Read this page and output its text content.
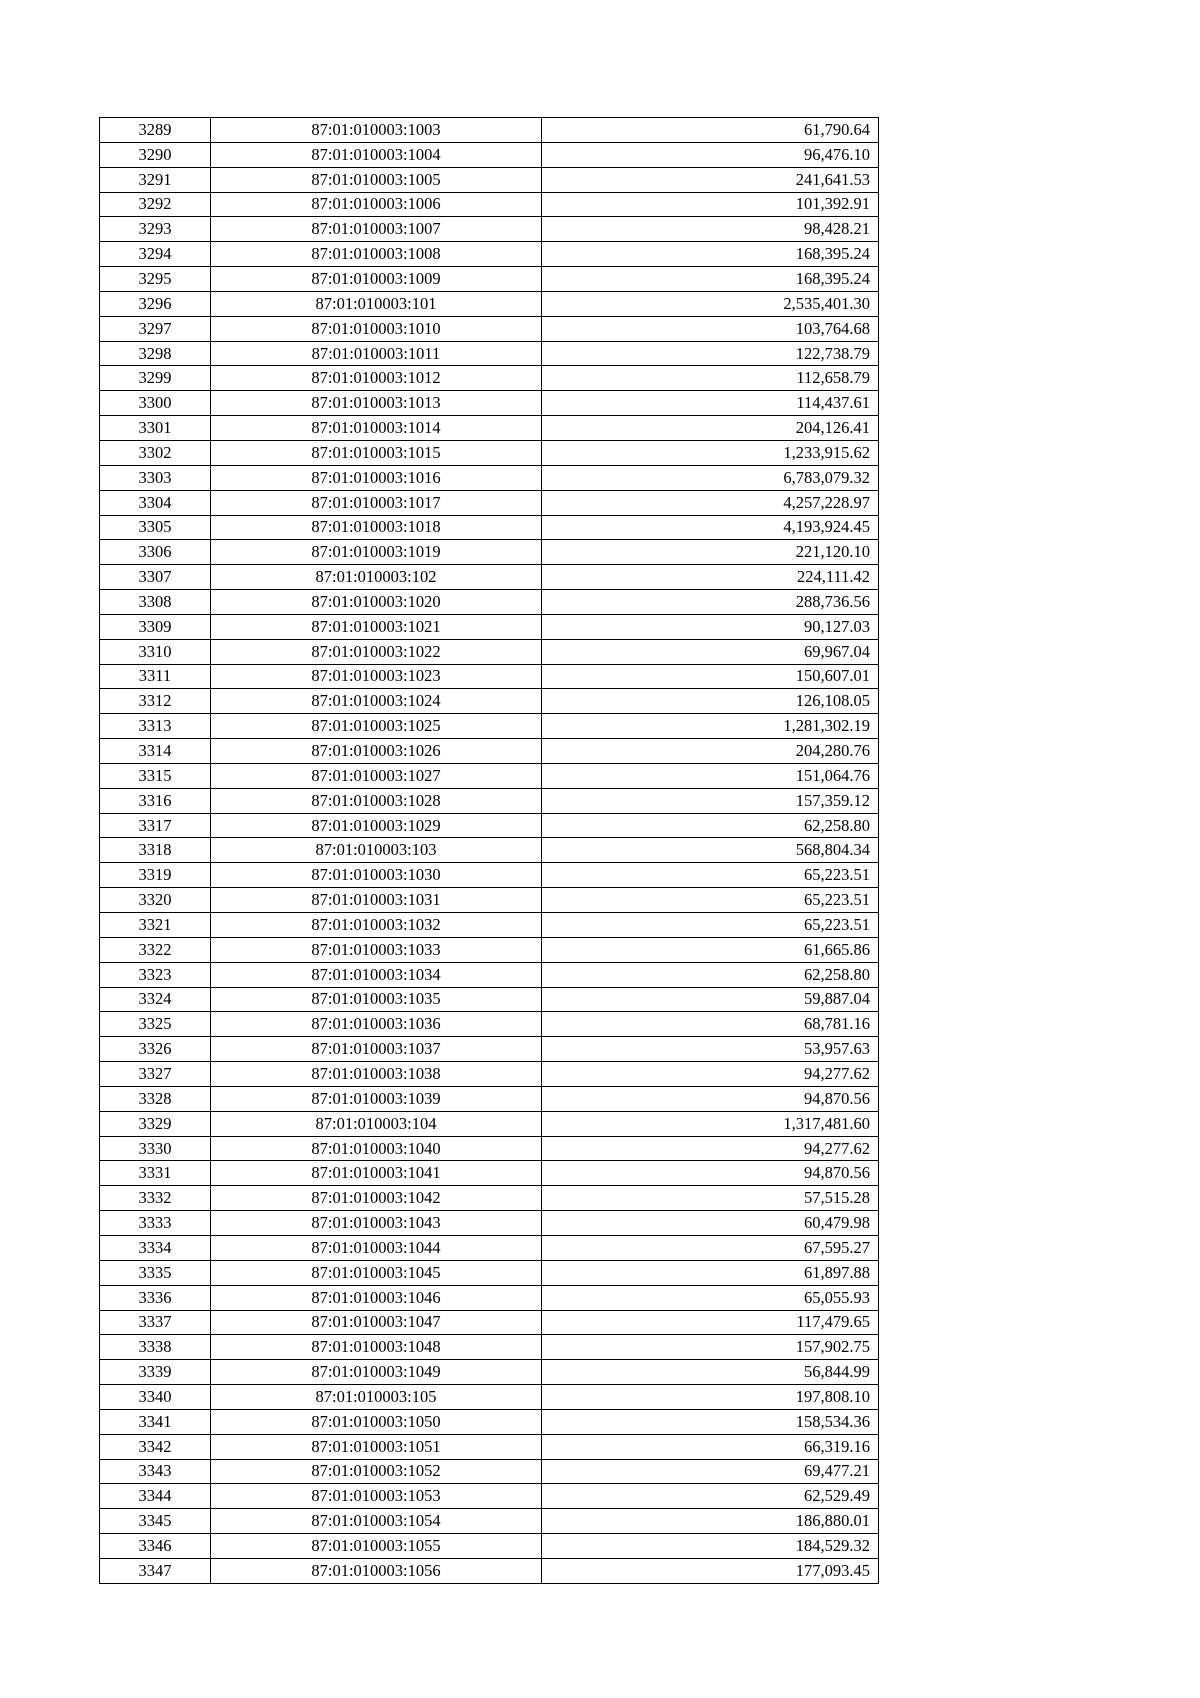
3289	87:01:010003:1003	61,790.64
3290	87:01:010003:1004	96,476.10
3291	87:01:010003:1005	241,641.53
3292	87:01:010003:1006	101,392.91
3293	87:01:010003:1007	98,428.21
3294	87:01:010003:1008	168,395.24
3295	87:01:010003:1009	168,395.24
3296	87:01:010003:101	2,535,401.30
3297	87:01:010003:1010	103,764.68
3298	87:01:010003:1011	122,738.79
3299	87:01:010003:1012	112,658.79
3300	87:01:010003:1013	114,437.61
3301	87:01:010003:1014	204,126.41
3302	87:01:010003:1015	1,233,915.62
3303	87:01:010003:1016	6,783,079.32
3304	87:01:010003:1017	4,257,228.97
3305	87:01:010003:1018	4,193,924.45
3306	87:01:010003:1019	221,120.10
3307	87:01:010003:102	224,111.42
3308	87:01:010003:1020	288,736.56
3309	87:01:010003:1021	90,127.03
3310	87:01:010003:1022	69,967.04
3311	87:01:010003:1023	150,607.01
3312	87:01:010003:1024	126,108.05
3313	87:01:010003:1025	1,281,302.19
3314	87:01:010003:1026	204,280.76
3315	87:01:010003:1027	151,064.76
3316	87:01:010003:1028	157,359.12
3317	87:01:010003:1029	62,258.80
3318	87:01:010003:103	568,804.34
3319	87:01:010003:1030	65,223.51
3320	87:01:010003:1031	65,223.51
3321	87:01:010003:1032	65,223.51
3322	87:01:010003:1033	61,665.86
3323	87:01:010003:1034	62,258.80
3324	87:01:010003:1035	59,887.04
3325	87:01:010003:1036	68,781.16
3326	87:01:010003:1037	53,957.63
3327	87:01:010003:1038	94,277.62
3328	87:01:010003:1039	94,870.56
3329	87:01:010003:104	1,317,481.60
3330	87:01:010003:1040	94,277.62
3331	87:01:010003:1041	94,870.56
3332	87:01:010003:1042	57,515.28
3333	87:01:010003:1043	60,479.98
3334	87:01:010003:1044	67,595.27
3335	87:01:010003:1045	61,897.88
3336	87:01:010003:1046	65,055.93
3337	87:01:010003:1047	117,479.65
3338	87:01:010003:1048	157,902.75
3339	87:01:010003:1049	56,844.99
3340	87:01:010003:105	197,808.10
3341	87:01:010003:1050	158,534.36
3342	87:01:010003:1051	66,319.16
3343	87:01:010003:1052	69,477.21
3344	87:01:010003:1053	62,529.49
3345	87:01:010003:1054	186,880.01
3346	87:01:010003:1055	184,529.32
3347	87:01:010003:1056	177,093.45
